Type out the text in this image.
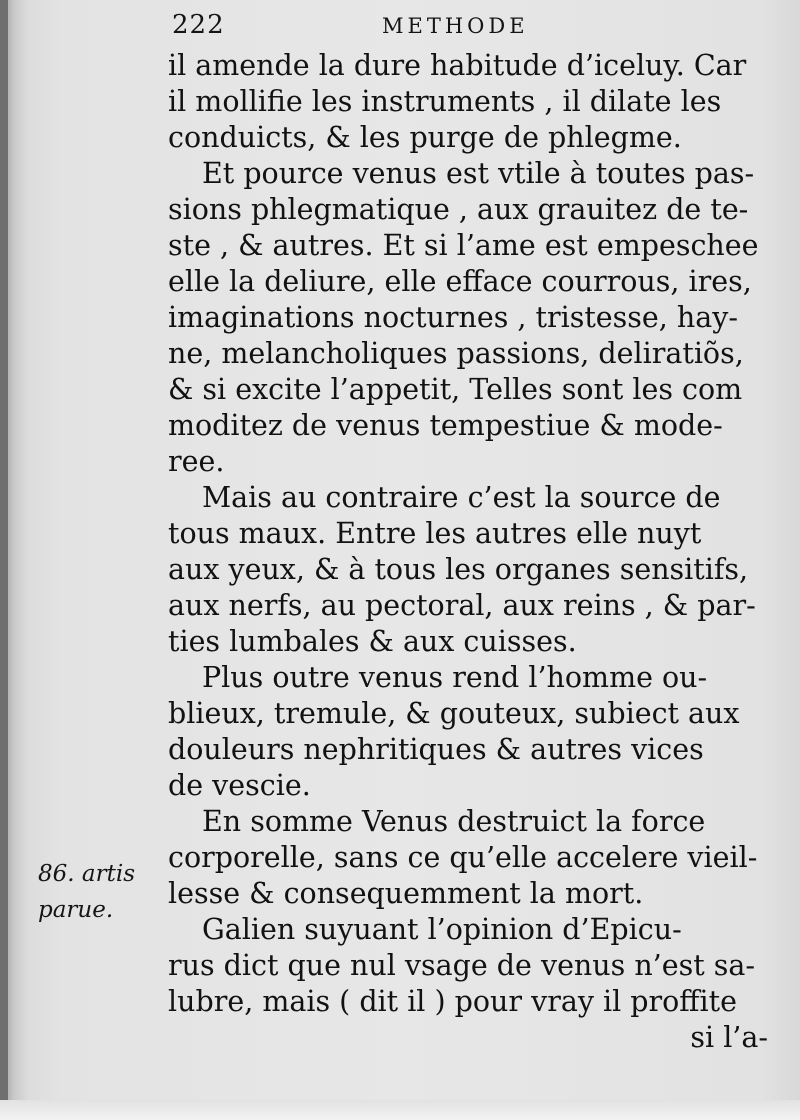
222	METHODE
il amende la dure habitude d’iceluy. Car
il mollifie les instruments , il dilate les
conduicts, & les purge de phlegme.
Et pource venus est vtile à toutes pas-
sions phlegmatique , aux grauitez de te-
ste , & autres. Et si l’ame est empeschee
elle la deliure, elle efface courrous, ires,
imaginations nocturnes , tristesse, hay-
ne, melancholiques passions, deliratiõs,
& si excite l’appetit, Telles sont les com
moditez de venus tempestiue & mode-
ree.
Mais au contraire c’est la source de
tous maux. Entre les autres elle nuyt
aux yeux, & à tous les organes sensitifs,
aux nerfs, au pectoral, aux reins , & par-
ties lumbales & aux cuisses.
Plus outre venus rend l’homme ou-
blieux, tremule, & gouteux, subiect aux
douleurs nephritiques & autres vices
de vescie.
En somme Venus destruict la force
corporelle, sans ce qu’elle accelere vieil-
lesse & consequemment la mort.
Galien suyuant l’opinion d’Epicu-
rus dict que nul vsage de venus n’est sa-
lubre, mais ( dit il ) pour vray il proffite
si l’a-
86. artis
parue.
